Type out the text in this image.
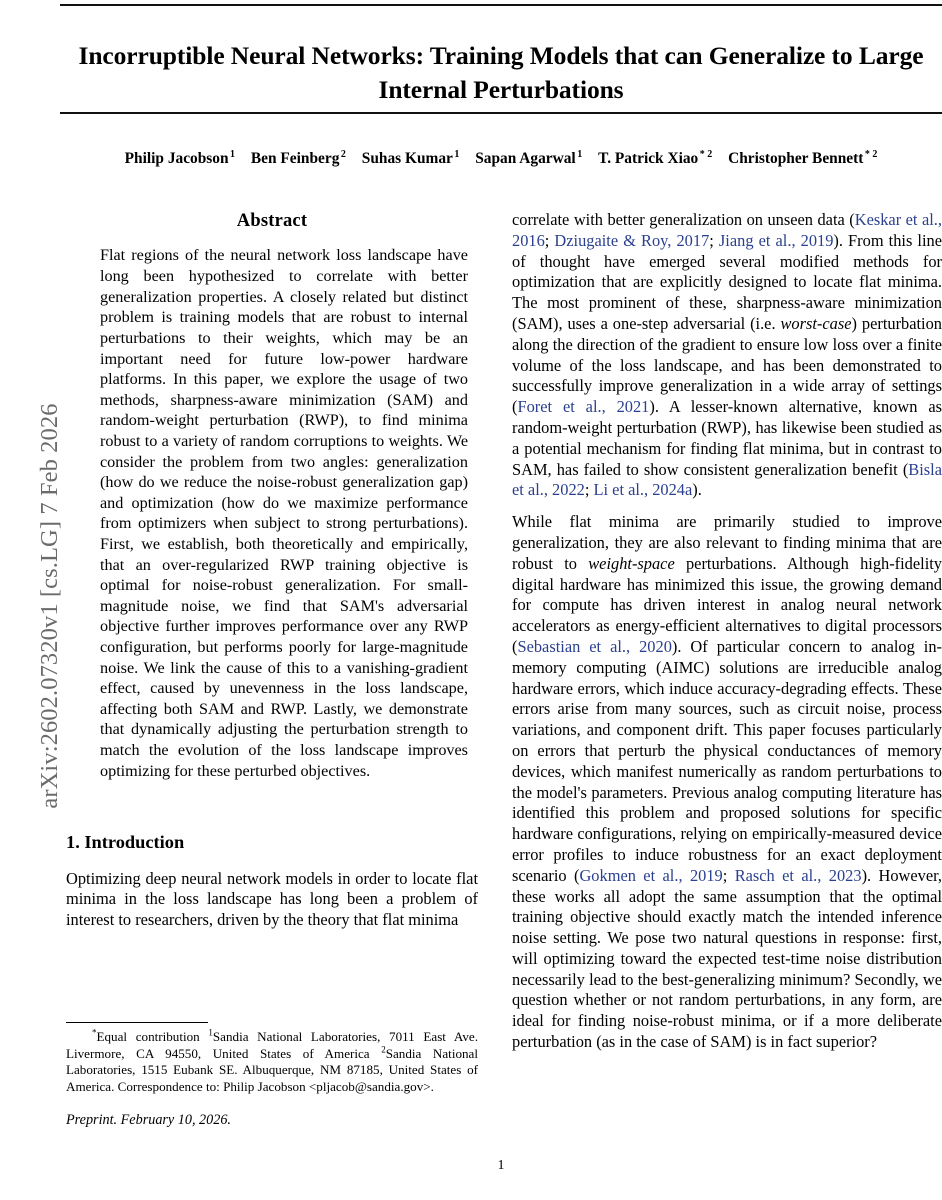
arXiv:2602.07320v1 [cs.LG] 7 Feb 2026
Incorruptible Neural Networks: Training Models that can Generalize to Large Internal Perturbations
Philip Jacobson $^1$ Ben Feinberg $^2$ Suhas Kumar $^1$ Sapan Agarwal $^1$ T. Patrick Xiao $^{* 2}$ Christopher Bennett $^{* 2}$
Abstract

Flat regions of the neural network loss landscape have long been hypothesized to correlate with better generalization properties. A closely related but distinct problem is training models that are robust to internal perturbations to their weights, which may be an important need for future low-power hardware platforms. In this paper, we explore the usage of two methods, sharpness-aware minimization (SAM) and random-weight perturbation (RWP), to find minima robust to a variety of random corruptions to weights. We consider the problem from two angles: generalization (how do we reduce the noise-robust generalization gap) and optimization (how do we maximize performance from optimizers when subject to strong perturbations). First, we establish, both theoretically and empirically, that an over-regularized RWP training objective is optimal for noise-robust generalization. For small-magnitude noise, we find that SAM's adversarial objective further improves performance over any RWP configuration, but performs poorly for large-magnitude noise. We link the cause of this to a vanishing-gradient effect, caused by unevenness in the loss landscape, affecting both SAM and RWP. Lastly, we demonstrate that dynamically adjusting the perturbation strength to match the evolution of the loss landscape improves optimizing for these perturbed objectives.

1. Introduction

Optimizing deep neural network models in order to locate flat minima in the loss landscape has long been a problem of interest to researchers, driven by the theory that flat minima

correlate with better generalization on unseen data (Keskar et al., 2016; Dziugaite & Roy, 2017; Jiang et al., 2019). From this line of thought have emerged several modified methods for optimization that are explicitly designed to locate flat minima. The most prominent of these, sharpness-aware minimization (SAM), uses a one-step adversarial (i.e. worst-case) perturbation along the direction of the gradient to ensure low loss over a finite volume of the loss landscape, and has been demonstrated to successfully improve generalization in a wide array of settings (Foret et al., 2021). A lesser-known alternative, known as random-weight perturbation (RWP), has likewise been studied as a potential mechanism for finding flat minima, but in contrast to SAM, has failed to show consistent generalization benefit (Bisla et al., 2022; Li et al., 2024a).

While flat minima are primarily studied to improve generalization, they are also relevant to finding minima that are robust to weight-space perturbations. Although high-fidelity digital hardware has minimized this issue, the growing demand for compute has driven interest in analog neural network accelerators as energy-efficient alternatives to digital processors (Sebastian et al., 2020). Of particular concern to analog in-memory computing (AIMC) solutions are irreducible analog hardware errors, which induce accuracy-degrading effects. These errors arise from many sources, such as circuit noise, process variations, and component drift. This paper focuses particularly on errors that perturb the physical conductances of memory devices, which manifest numerically as random perturbations to the model's parameters. Previous analog computing literature has identified this problem and proposed solutions for specific hardware configurations, relying on empirically-measured device error profiles to induce robustness for an exact deployment scenario (Gokmen et al., 2019; Rasch et al., 2023). However, these works all adopt the same assumption that the optimal training objective should exactly match the intended inference noise setting. We pose two natural questions in response: first, will optimizing toward the expected test-time noise distribution necessarily lead to the best-generalizing minimum? Secondly, we question whether or not random perturbations, in any form, are ideal for finding noise-robust minima, or if a more deliberate perturbation (as in the case of SAM) is in fact superior?

*Equal contribution $^1$Sandia National Laboratories, 7011 East Ave. Livermore, CA 94550, United States of America $^2$Sandia National Laboratories, 1515 Eubank SE. Albuquerque, NM 87185, United States of America. Correspondence to: Philip Jacobson <pljacob@sandia.gov>.

Preprint. February 10, 2026.

1
